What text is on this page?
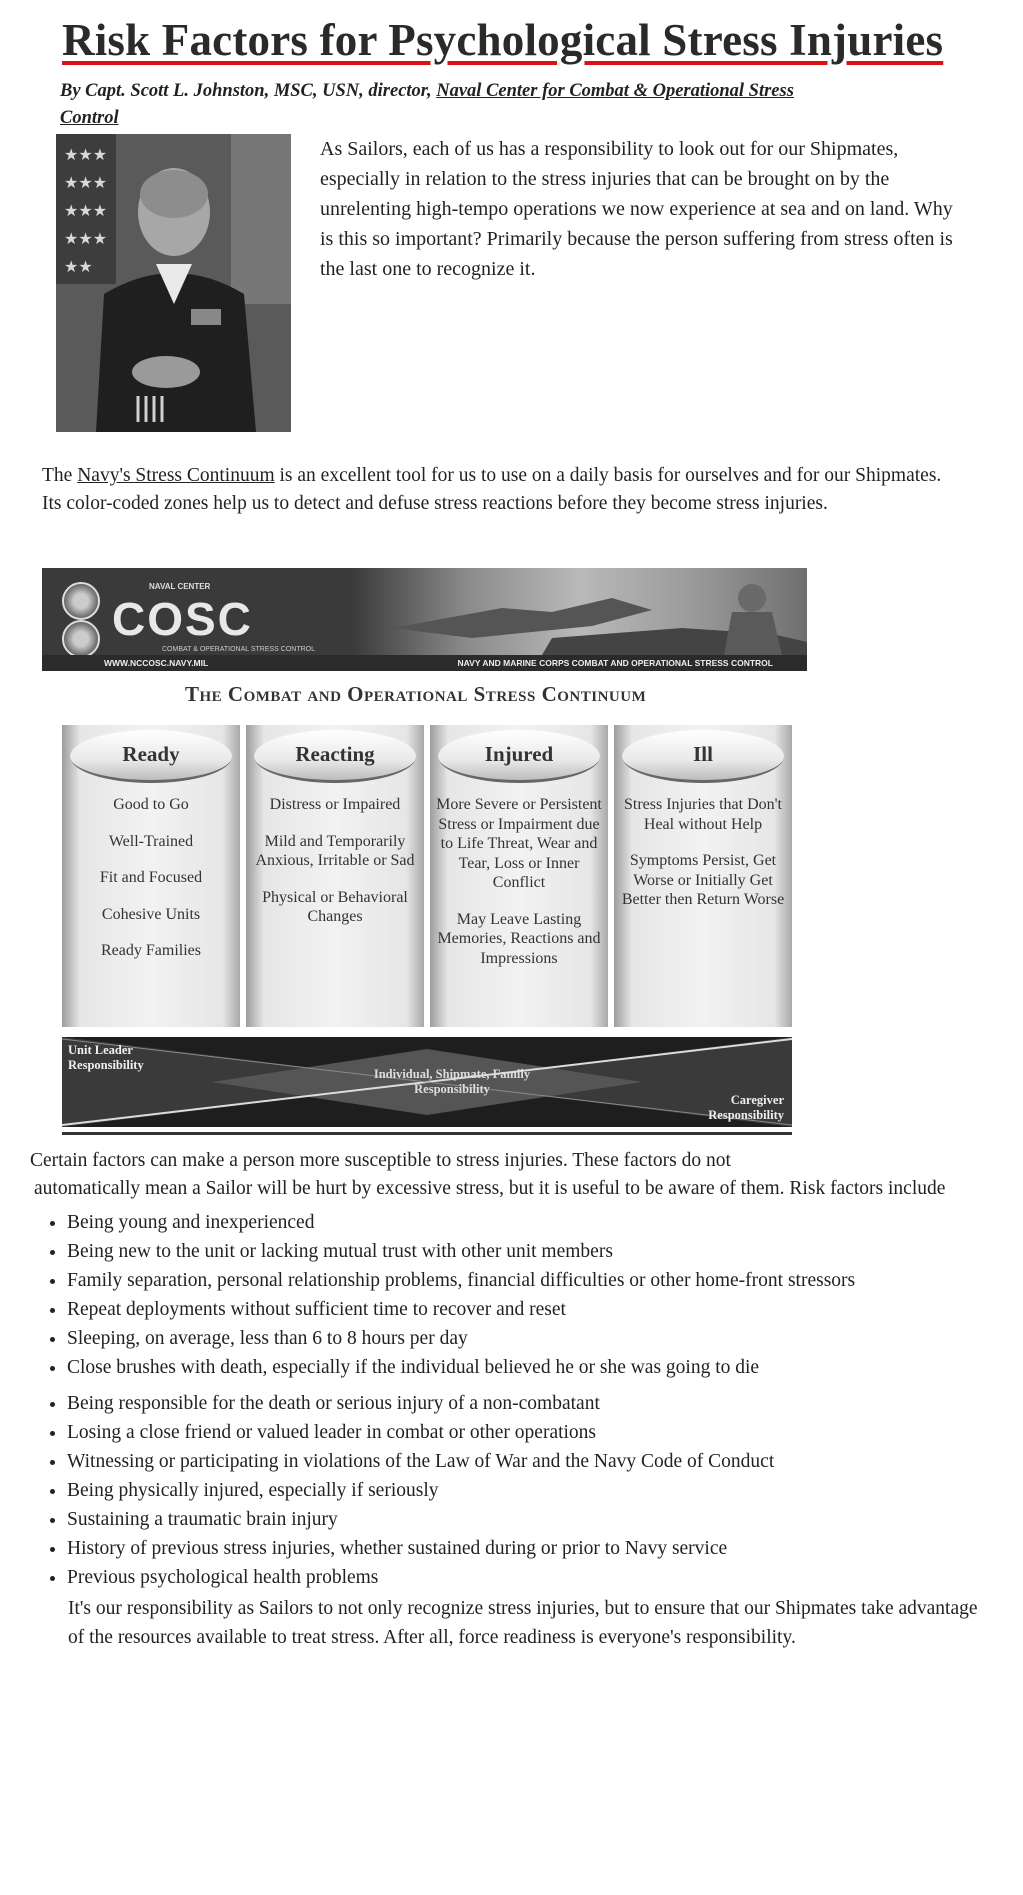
Risk Factors for Psychological Stress Injuries
By Capt. Scott L. Johnston, MSC, USN, director, Naval Center for Combat & Operational Stress
Control
★★★
★★★
★★★
★★★
★★
As Sailors, each of us has a responsibility to look out for our Shipmates, especially in relation to the stress injuries that can be brought on by the unrelenting high-tempo operations we now experience at sea and on land. Why is this so important? Primarily because the person suffering from stress often is the last one to recognize it.
The Navy's Stress Continuum is an excellent tool for us to use on a daily basis for ourselves and for our Shipmates. Its color-coded zones help us to detect and defuse stress reactions before they become stress injuries.
NAVAL CENTER
COSC
COMBAT & OPERATIONAL STRESS CONTROL
WWW.NCCOSC.NAVY.MIL	NAVY AND MARINE CORPS COMBAT AND OPERATIONAL STRESS CONTROL
The Combat and Operational Stress Continuum
Ready

Good to Go

Well-Trained

Fit and Focused

Cohesive Units

Ready Families

Reacting

Distress or Impaired

Mild and Temporarily Anxious, Irritable or Sad

Physical or Behavioral Changes

Injured

More Severe or Persistent Stress or Impairment due to Life Threat, Wear and Tear, Loss or Inner Conflict

May Leave Lasting Memories, Reactions and Impressions

Ill

Stress Injuries that Don't Heal without Help

Symptoms Persist, Get Worse or Initially Get Better then Return Worse

Unit Leader Responsibility
Individual, Shipmate, Family Responsibility
Caregiver Responsibility
Certain factors can make a person more susceptible to stress injuries. These factors do not
automatically mean a Sailor will be hurt by excessive stress, but it is useful to be aware of them. Risk factors include
• Being young and inexperienced
• Being new to the unit or lacking mutual trust with other unit members
• Family separation, personal relationship problems, financial difficulties or other home-front stressors
• Repeat deployments without sufficient time to recover and reset
• Sleeping, on average, less than 6 to 8 hours per day
• Close brushes with death, especially if the individual believed he or she was going to die
• Being responsible for the death or serious injury of a non-combatant
• Losing a close friend or valued leader in combat or other operations
• Witnessing or participating in violations of the Law of War and the Navy Code of Conduct
• Being physically injured, especially if seriously
• Sustaining a traumatic brain injury
• History of previous stress injuries, whether sustained during or prior to Navy service
• Previous psychological health problems
It's our responsibility as Sailors to not only recognize stress injuries, but to ensure that our Shipmates take advantage of the resources available to treat stress. After all, force readiness is everyone's responsibility.
